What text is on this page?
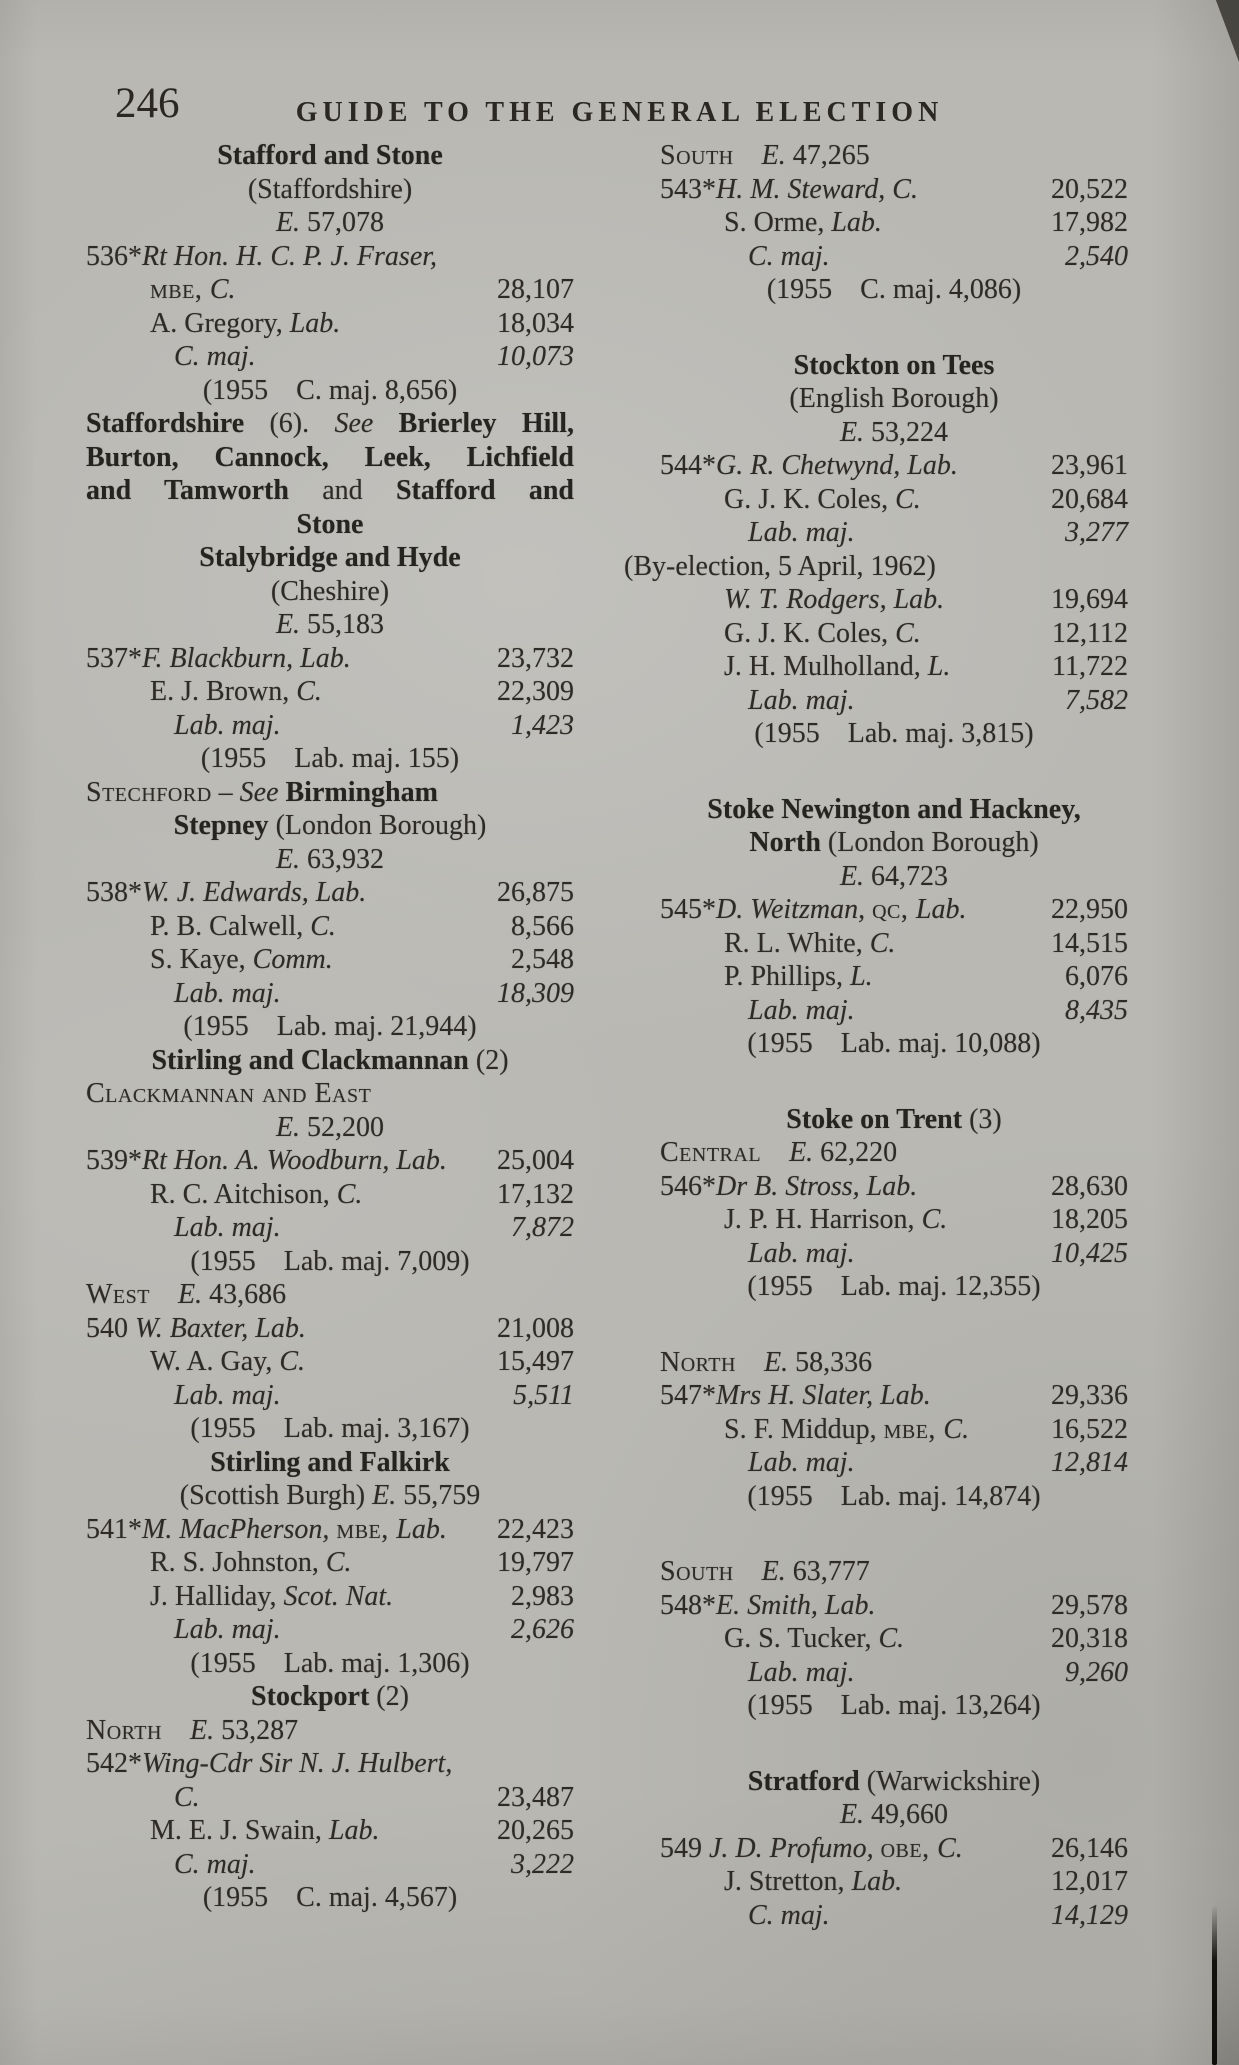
246	GUIDE TO THE GENERAL ELECTION
Stafford and Stone
(Staffordshire)
E. 57,078
536*Rt Hon. H. C. P. J. Fraser,
mbe, C.	28,107
A. Gregory, Lab.	18,034
C. maj.	10,073
(1955 C. maj. 8,656)
Staffordshire (6). See Brierley Hill,
Burton, Cannock, Leek, Lichfield
and Tamworth and Stafford and
Stone
Stalybridge and Hyde
(Cheshire)
E. 55,183
537*F. Blackburn, Lab.	23,732
E. J. Brown, C.	22,309
Lab. maj.	1,423
(1955 Lab. maj. 155)
Stechford – See Birmingham
Stepney (London Borough)
E. 63,932
538*W. J. Edwards, Lab.	26,875
P. B. Calwell, C.	8,566
S. Kaye, Comm.	2,548
Lab. maj.	18,309
(1955 Lab. maj. 21,944)
Stirling and Clackmannan (2)
Clackmannan and East
E. 52,200
539*Rt Hon. A. Woodburn, Lab. 25,004
R. C. Aitchison, C.	17,132
Lab. maj.	7,872
(1955 Lab. maj. 7,009)
West  E. 43,686
540 W. Baxter, Lab.	21,008
W. A. Gay, C.	15,497
Lab. maj.	5,511
(1955 Lab. maj. 3,167)
Stirling and Falkirk
(Scottish Burgh) E. 55,759
541*M. MacPherson, mbe, Lab. 22,423
R. S. Johnston, C.	19,797
J. Halliday, Scot. Nat.	2,983
Lab. maj.	2,626
(1955 Lab. maj. 1,306)
Stockport (2)
North  E. 53,287
542*Wing-Cdr Sir N. J. Hulbert,
C.	23,487
M. E. J. Swain, Lab.	20,265
C. maj.	3,222
(1955 C. maj. 4,567)
South  E. 47,265
543*H. M. Steward, C.	20,522
S. Orme, Lab.	17,982
C. maj.	2,540
(1955 C. maj. 4,086)
Stockton on Tees
(English Borough)
E. 53,224
544*G. R. Chetwynd, Lab.	23,961
G. J. K. Coles, C.	20,684
Lab. maj.	3,277
(By-election, 5 April, 1962)
W. T. Rodgers, Lab.	19,694
G. J. K. Coles, C.	12,112
J. H. Mulholland, L.	11,722
Lab. maj.	7,582
(1955 Lab. maj. 3,815)
Stoke Newington and Hackney,
North (London Borough)
E. 64,723
545*D. Weitzman, qc, Lab.	22,950
R. L. White, C.	14,515
P. Phillips, L.	6,076
Lab. maj.	8,435
(1955 Lab. maj. 10,088)
Stoke on Trent (3)
Central  E. 62,220
546*Dr B. Stross, Lab.	28,630
J. P. H. Harrison, C.	18,205
Lab. maj.	10,425
(1955 Lab. maj. 12,355)
North  E. 58,336
547*Mrs H. Slater, Lab.	29,336
S. F. Middup, mbe, C.	16,522
Lab. maj.	12,814
(1955 Lab. maj. 14,874)
South  E. 63,777
548*E. Smith, Lab.	29,578
G. S. Tucker, C.	20,318
Lab. maj.	9,260
(1955 Lab. maj. 13,264)
Stratford (Warwickshire)
E. 49,660
549 J. D. Profumo, obe, C.	26,146
J. Stretton, Lab.	12,017
C. maj.	14,129
